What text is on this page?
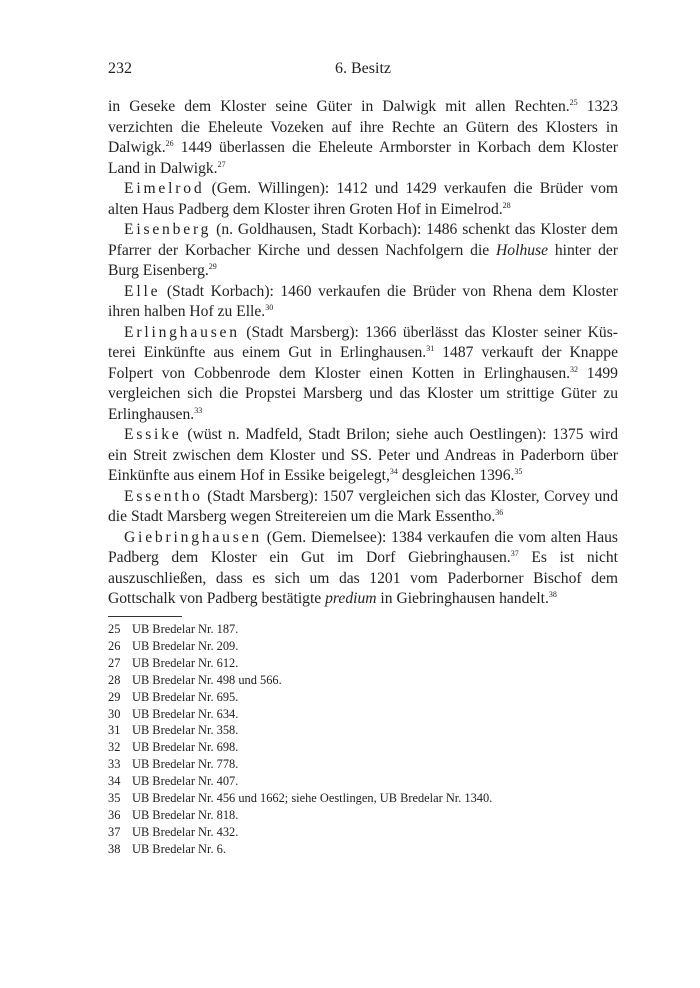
232	6. Besitz

in Geseke dem Kloster seine Güter in Dalwigk mit allen Rechten.$^{25}$ 1323 verzichten die Eheleute Vozeken auf ihre Rechte an Gütern des Klosters in Dalwigk.$^{26}$ 1449 überlassen die Eheleute Armborster in Korbach dem Kloster Land in Dalwigk.$^{27}$

Eimelrod (Gem. Willingen): 1412 und 1429 verkaufen die Brüder vom alten Haus Padberg dem Kloster ihren Groten Hof in Eimelrod.$^{28}$

Eisenberg (n. Goldhausen, Stadt Korbach): 1486 schenkt das Kloster dem Pfarrer der Korbacher Kirche und dessen Nachfolgern die Holhuse hinter der Burg Eisenberg.$^{29}$

Elle (Stadt Korbach): 1460 verkaufen die Brüder von Rhena dem Kloster ihren halben Hof zu Elle.$^{30}$

Erlinghausen (Stadt Marsberg): 1366 überlässt das Kloster seiner Küs-terei Einkünfte aus einem Gut in Erlinghausen.$^{31}$ 1487 verkauft der Knappe Folpert von Cobbenrode dem Kloster einen Kotten in Erlinghausen.$^{32}$ 1499 vergleichen sich die Propstei Marsberg und das Kloster um strittige Güter zu Erlinghausen.$^{33}$

Essike (wüst n. Madfeld, Stadt Brilon; siehe auch Oestlingen): 1375 wird ein Streit zwischen dem Kloster und SS. Peter und Andreas in Paderborn über Einkünfte aus einem Hof in Essike beigelegt,$^{34}$ desgleichen 1396.35

Essentho (Stadt Marsberg): 1507 vergleichen sich das Kloster, Corvey und die Stadt Marsberg wegen Streitereien um die Mark Essentho.$^{36}$

Giebringhausen (Gem. Diemelsee): 1384 verkaufen die vom alten Haus Padberg dem Kloster ein Gut im Dorf Giebringhausen.$^{37}$ Es ist nicht auszuschließen, dass es sich um das 1201 vom Paderborner Bischof dem Gottschalk von Padberg bestätigte predium in Giebringhausen handelt.$^{38}$

25 UB Bredelar Nr. 187.
26 UB Bredelar Nr. 209.
27 UB Bredelar Nr. 612.
28 UB Bredelar Nr. 498 und 566.
29 UB Bredelar Nr. 695.
30 UB Bredelar Nr. 634.
31 UB Bredelar Nr. 358.
32 UB Bredelar Nr. 698.
33 UB Bredelar Nr. 778.
34 UB Bredelar Nr. 407.
35 UB Bredelar Nr. 456 und 1662; siehe Oestlingen, UB Bredelar Nr. 1340.
36 UB Bredelar Nr. 818.
37 UB Bredelar Nr. 432.
38 UB Bredelar Nr. 6.
